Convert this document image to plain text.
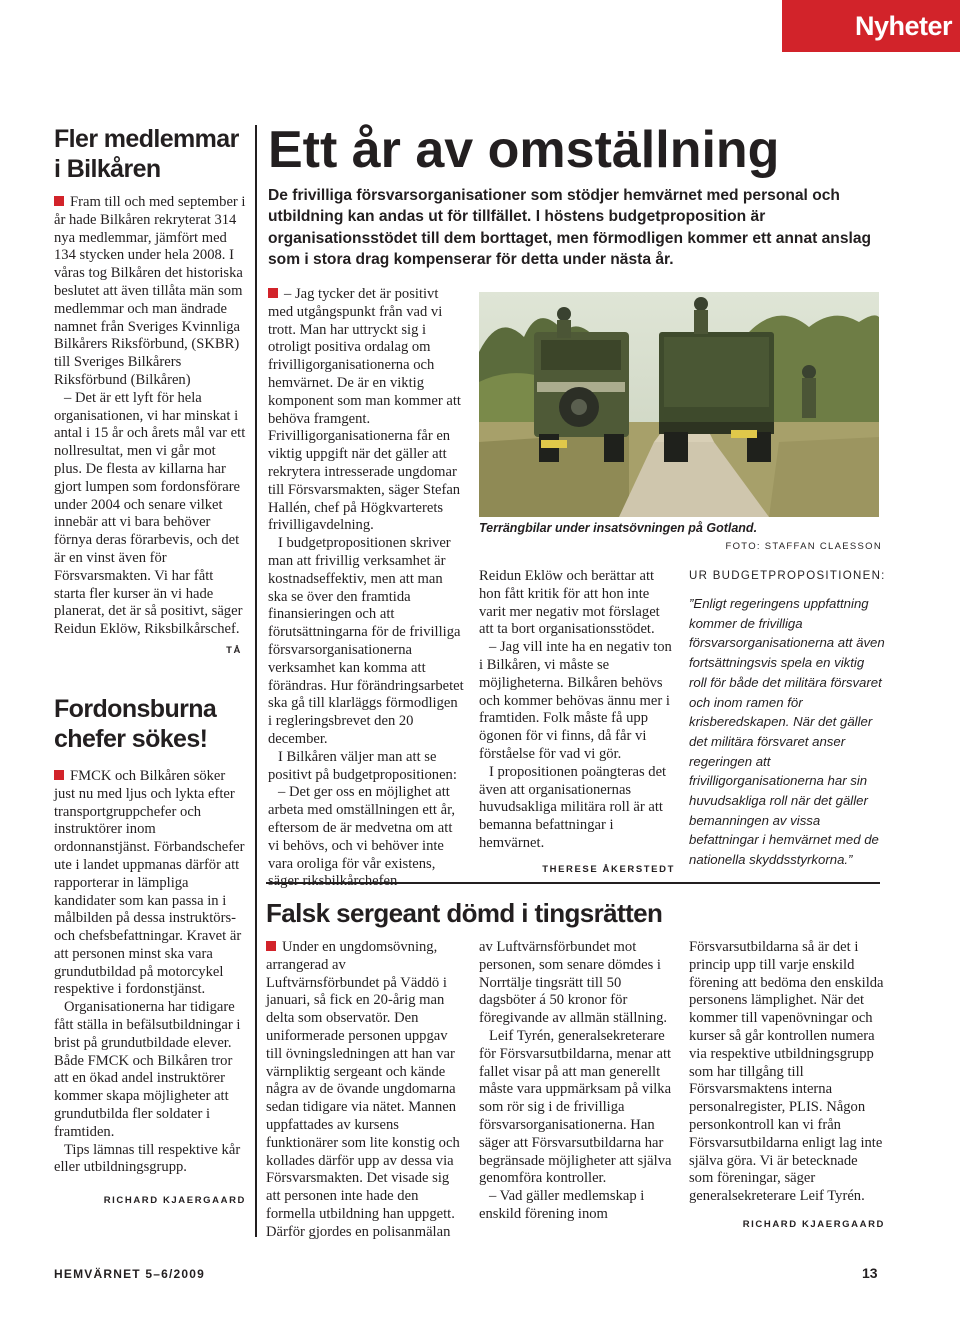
Nyheter
Fler medlemmar i Bilkåren

Fram till och med september i år hade Bilkåren rekryterat 314 nya medlemmar, jämfört med 134 stycken under hela 2008. I våras tog Bilkåren det historiska beslutet att även tillåta män som medlemmar och man ändrade namnet från Sveriges Kvinnliga Bilkårers Riksförbund, (SKBR) till Sveriges Bilkårers Riksförbund (Bilkåren)

– Det är ett lyft för hela organisationen, vi har minskat i antal i 15 år och årets mål var ett nollresultat, men vi går mot plus. De flesta av killarna har gjort lumpen som fordonsförare under 2004 och senare vilket innebär att vi bara behöver förnya deras förarbevis, och det är en vinst även för Försvarsmakten. Vi har fått starta fler kurser än vi hade planerat, det är så positivt, säger Reidun Eklöw, Riksbilkårschef.

TÅ
Fordonsburna chefer sökes!

FMCK och Bilkåren söker just nu med ljus och lykta efter transportgruppchefer och instruktörer inom ordonnanstjänst. Förbandschefer ute i landet uppmanas därför att rapporterar in lämpliga kandidater som kan passa in i målbilden på dessa instruktörs- och chefsbefattningar. Kravet är att personen minst ska vara grundutbildad på motorcykel respektive i fordonstjänst.

Organisationerna har tidigare fått ställa in befälsutbildningar i brist på grundutbildade elever. Både FMCK och Bilkåren tror att en ökad andel instruktörer kommer skapa möjligheter att grundutbilda fler soldater i framtiden.

Tips lämnas till respektive kår eller utbildningsgrupp.

RICHARD KJAERGAARD
Ett år av omställning
De frivilliga försvarsorganisationer som stödjer hemvärnet med personal och utbildning kan andas ut för tillfället. I höstens budgetproposition är organisationsstödet till dem borttaget, men förmodligen kommer ett annat anslag som i stora drag kompenserar för detta under nästa år.

– Jag tycker det är positivt med utgångspunkt från vad vi trott. Man har uttryckt sig i otroligt positiva ordalag om frivilligorganisationerna och hemvärnet. De är en viktig komponent som man kommer att behöva framgent. Frivilligorganisationerna får en viktig uppgift när det gäller att rekrytera intresserade ungdomar till Försvarsmakten, säger Stefan Hallén, chef på Högkvarterets frivilligavdelning.

I budgetpropositionen skriver man att frivillig verksamhet är kostnadseffektiv, men att man ska se över den framtida finansieringen och att förutsättningarna för de frivilliga försvarsorganisationerna verksamhet kan komma att förändras. Hur förändringsarbetet ska gå till klarläggs förmodligen i regleringsbrevet den 20 december.

I Bilkåren väljer man att se positivt på budgetpropositionen:

– Det ger oss en möjlighet att arbeta med omställningen ett år, eftersom de är medvetna om att vi behövs, och vi behöver inte vara oroliga för vår existens,

Terrängbilar under insatsövningen på Gotland.
FOTO: STAFFAN CLAESSON

Reidun Eklöw och berättar att hon fått kritik för att hon inte varit mer negativ mot förslaget att ta bort organisationsstödet.

– Jag vill inte ha en negativ ton i Bilkåren, vi måste se möjligheterna. Bilkåren behövs och kommer behövas ännu mer i framtiden. Folk måste få upp ögonen för vi finns, då får vi förståelse för vad vi gör.

I propositionen poängteras det även att organisationernas huvudsakliga militära roll är att bemanna befattningar i hemvärnet.

THERESE ÅKERSTEDT
UR BUDGETPROPOSITIONEN:
”Enligt regeringens uppfattning kommer de frivilliga försvarsorganisationerna att även fortsättningsvis spela en viktig roll för både det militära försvaret och inom ramen för krisberedskapen. När det gäller det militära försvaret anser regeringen att frivilligorganisationerna har sin huvudsakliga roll när det gäller bemanningen av vissa befattningar i hemvärnet med de nationella skyddsstyrkorna.”
Falsk sergeant dömd i tingsrätten

Under en ungdomsövning, arrangerad av Luftvärnsförbundet på Väddö i januari, så fick en 20-årig man delta som observatör. Den uniformerade personen uppgav till övningsledningen att han var värnpliktig sergeant och kände några av de övande ungdomarna sedan tidigare via nätet. Mannen uppfattades av kursens funktionärer som lite konstig och kollades därför upp av dessa via Försvarsmakten. Det visade sig att personen inte hade den formella utbildning han uppgett. Därför gjordes en polisanmälan

av Luftvärnsförbundet mot personen, som senare dömdes i Norrtälje tingsrätt till 50 dagsböter á 50 kronor för föregivande av allmän ställning.

Leif Tyrén, generalsekreterare för Försvarsutbildarna, menar att fallet visar på att man generellt måste vara uppmärksam på vilka som rör sig i de frivilliga försvarsorganisationerna. Han säger att Försvarsutbildarna har begränsade möjligheter att själva genomföra kontroller.

– Vad gäller medlemskap i enskild förening inom

Försvarsutbildarna så är det i princip upp till varje enskild förening att bedöma den enskilda personens lämplighet. När det kommer till vapenövningar och kurser så går kontrollen numera via respektive utbildningsgrupp som har tillgång till Försvarsmaktens interna personalregister, PLIS. Någon personkontroll kan vi från Försvarsutbildarna enligt lag inte själva göra. Vi är betecknade som föreningar, säger generalsekreterare Leif Tyrén.

RICHARD KJAERGAARD
HEMVÄRNET 5–6/2009	13
